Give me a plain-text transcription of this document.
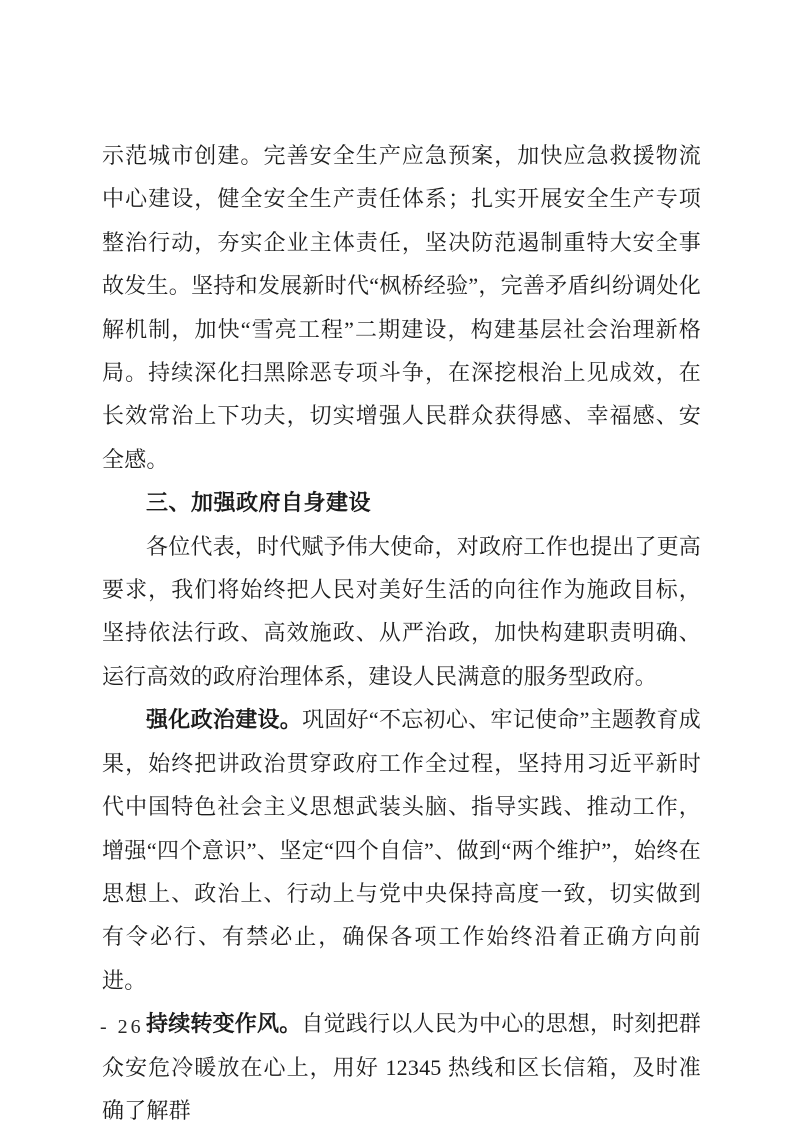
示范城市创建。完善安全生产应急预案，加快应急救援物流中心建设，健全安全生产责任体系；扎实开展安全生产专项整治行动，夯实企业主体责任，坚决防范遏制重特大安全事故发生。坚持和发展新时代“枫桥经验”，完善矛盾纠纷调处化解机制，加快“雪亮工程”二期建设，构建基层社会治理新格局。持续深化扫黑除恶专项斗争，在深挖根治上见成效，在长效常治上下功夫，切实增强人民群众获得感、幸福感、安全感。

三、加强政府自身建设

各位代表，时代赋予伟大使命，对政府工作也提出了更高要求，我们将始终把人民对美好生活的向往作为施政目标，坚持依法行政、高效施政、从严治政，加快构建职责明确、运行高效的政府治理体系，建设人民满意的服务型政府。

强化政治建设。巩固好“不忘初心、牢记使命”主题教育成果，始终把讲政治贯穿政府工作全过程，坚持用习近平新时代中国特色社会主义思想武装头脑、指导实践、推动工作，增强“四个意识”、坚定“四个自信”、做到“两个维护”，始终在思想上、政治上、行动上与党中央保持高度一致，切实做到有令必行、有禁必止，确保各项工作始终沿着正确方向前进。

持续转变作风。自觉践行以人民为中心的思想，时刻把群众安危冷暖放在心上，用好 12345 热线和区长信箱，及时准确了解群

- 26 -
